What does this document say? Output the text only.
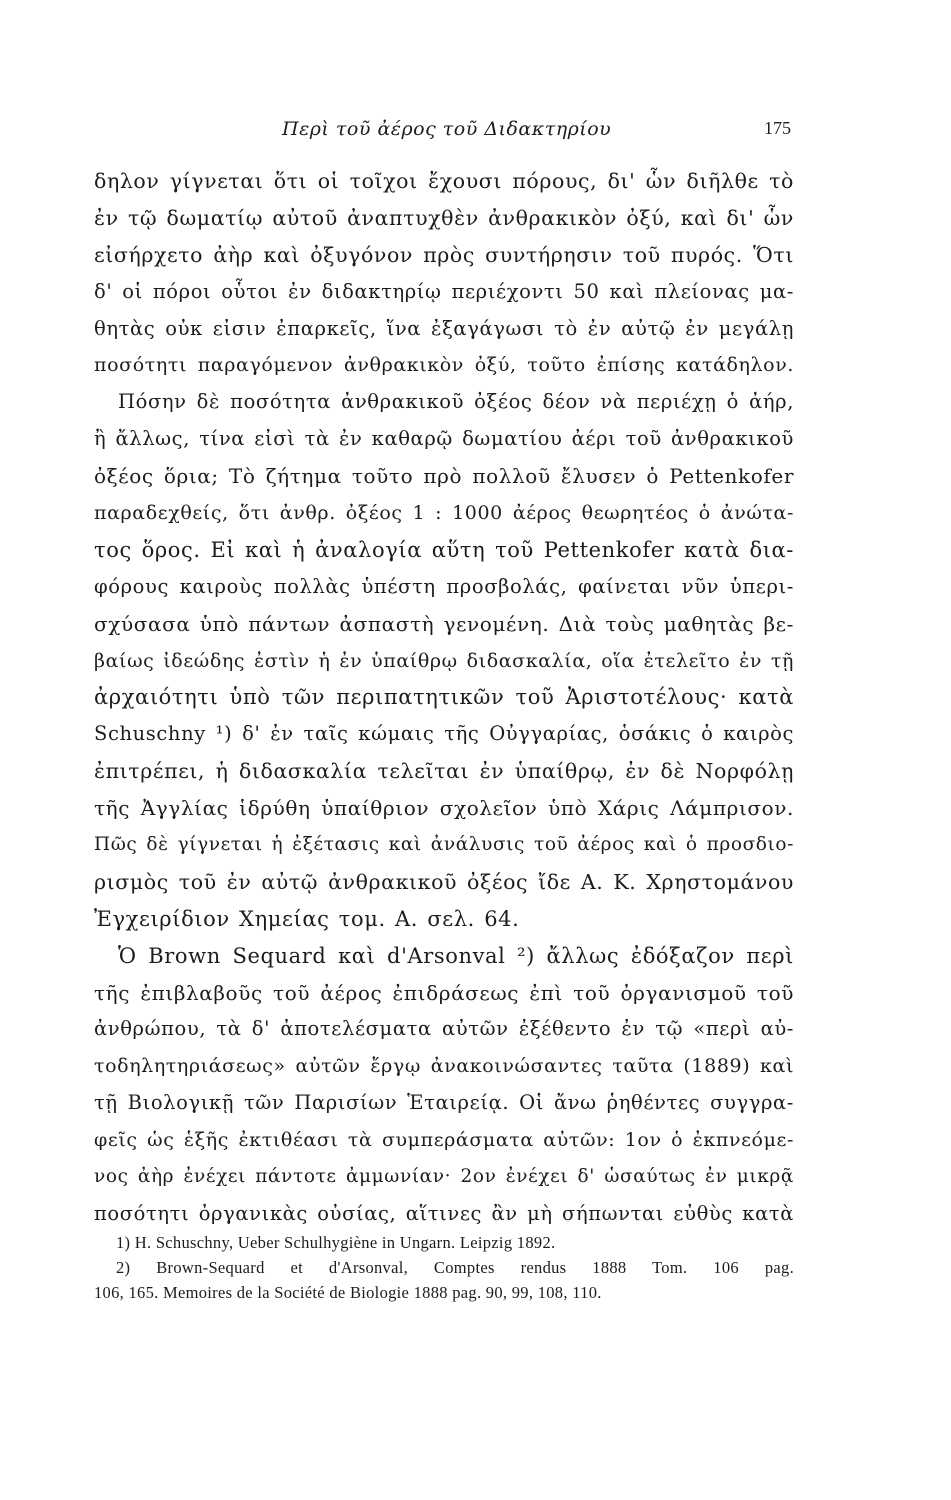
Περὶ τοῦ ἀέρος τοῦ Διδακτηρίου	175
δηλον γίγνεται ὅτι οἱ τοῖχοι ἔχουσι πόρους, δι' ὧν διῆλθε τὸ
ἐν τῷ δωματίῳ αὐτοῦ ἀναπτυχθὲν ἀνθρακικὸν ὀξύ, καὶ δι' ὧν
εἰσήρχετο ἀὴρ καὶ ὀξυγόνον πρὸς συντήρησιν τοῦ πυρός. Ὅτι
δ' οἱ πόροι οὗτοι ἐν διδακτηρίῳ περιέχοντι 50 καὶ πλείονας μα-
θητὰς οὐκ εἰσιν ἐπαρκεῖς, ἵνα ἐξαγάγωσι τὸ ἐν αὐτῷ ἐν μεγάλῃ
ποσότητι παραγόμενον ἀνθρακικὸν ὀξύ, τοῦτο ἐπίσης κατάδηλον.
Πόσην δὲ ποσότητα ἀνθρακικοῦ ὀξέος δέον νὰ περιέχῃ ὁ ἀήρ,
ἢ ἄλλως, τίνα εἰσὶ τὰ ἐν καθαρῷ δωματίου ἀέρι τοῦ ἀνθρακικοῦ
ὀξέος ὅρια; Τὸ ζήτημα τοῦτο πρὸ πολλοῦ ἔλυσεν ὁ Pettenkofer
παραδεχθείς, ὅτι ἀνθρ. ὀξέος 1 : 1000 ἀέρος θεωρητέος ὁ ἀνώτα-
τος ὅρος. Εἰ καὶ ἡ ἀναλογία αὕτη τοῦ Pettenkofer κατὰ δια-
φόρους καιροὺς πολλὰς ὑπέστη προσβολάς, φαίνεται νῦν ὑπερι-
σχύσασα ὑπὸ πάντων ἀσπαστὴ γενομένη. Διὰ τοὺς μαθητὰς βε-
βαίως ἰδεώδης ἐστὶν ἡ ἐν ὑπαίθρῳ διδασκαλία, οἵα ἐτελεῖτο ἐν τῇ
ἀρχαιότητι ὑπὸ τῶν περιπατητικῶν τοῦ Ἀριστοτέλους· κατὰ
Schuschny ¹) δ' ἐν ταῖς κώμαις τῆς Οὐγγαρίας, ὁσάκις ὁ καιρὸς
ἐπιτρέπει, ἡ διδασκαλία τελεῖται ἐν ὑπαίθρῳ, ἐν δὲ Νορφόλῃ
τῆς Ἀγγλίας ἱδρύθη ὑπαίθριον σχολεῖον ὑπὸ Χάρις Λάμπρισον.
Πῶς δὲ γίγνεται ἡ ἐξέτασις καὶ ἀνάλυσις τοῦ ἀέρος καὶ ὁ προσδιο-
ρισμὸς τοῦ ἐν αὐτῷ ἀνθρακικοῦ ὀξέος ἴδε Α. Κ. Χρηστομάνου
Ἐγχειρίδιον Χημείας τομ. Α. σελ. 64.
Ὁ Brown Sequard καὶ d'Arsonval ²) ἄλλως ἐδόξαζον περὶ
τῆς ἐπιβλαβοῦς τοῦ ἀέρος ἐπιδράσεως ἐπὶ τοῦ ὀργανισμοῦ τοῦ
ἀνθρώπου, τὰ δ' ἀποτελέσματα αὐτῶν ἐξέθεντο ἐν τῷ «περὶ αὐ-
τοδηλητηριάσεως» αὐτῶν ἔργῳ ἀνακοινώσαντες ταῦτα (1889) καὶ
τῇ Βιολογικῇ τῶν Παρισίων Ἑταιρείᾳ. Οἱ ἄνω ῥηθέντες συγγρα-
φεῖς ὡς ἑξῆς ἐκτιθέασι τὰ συμπεράσματα αὐτῶν: 1ον ὁ ἐκπνεόμε-
νος ἀὴρ ἐνέχει πάντοτε ἀμμωνίαν· 2ον ἐνέχει δ' ὡσαύτως ἐν μικρᾷ
ποσότητι ὀργανικὰς οὐσίας, αἵτινες ἂν μὴ σήπωνται εὐθὺς κατὰ
1) H. Schuschny, Ueber Schulhygiène in Ungarn. Leipzig 1892.
2) Brown-Sequard et d'Arsonval, Comptes rendus 1888 Tom. 106 pag.
106, 165. Memoires de la Société de Biologie 1888 pag. 90, 99, 108, 110.
